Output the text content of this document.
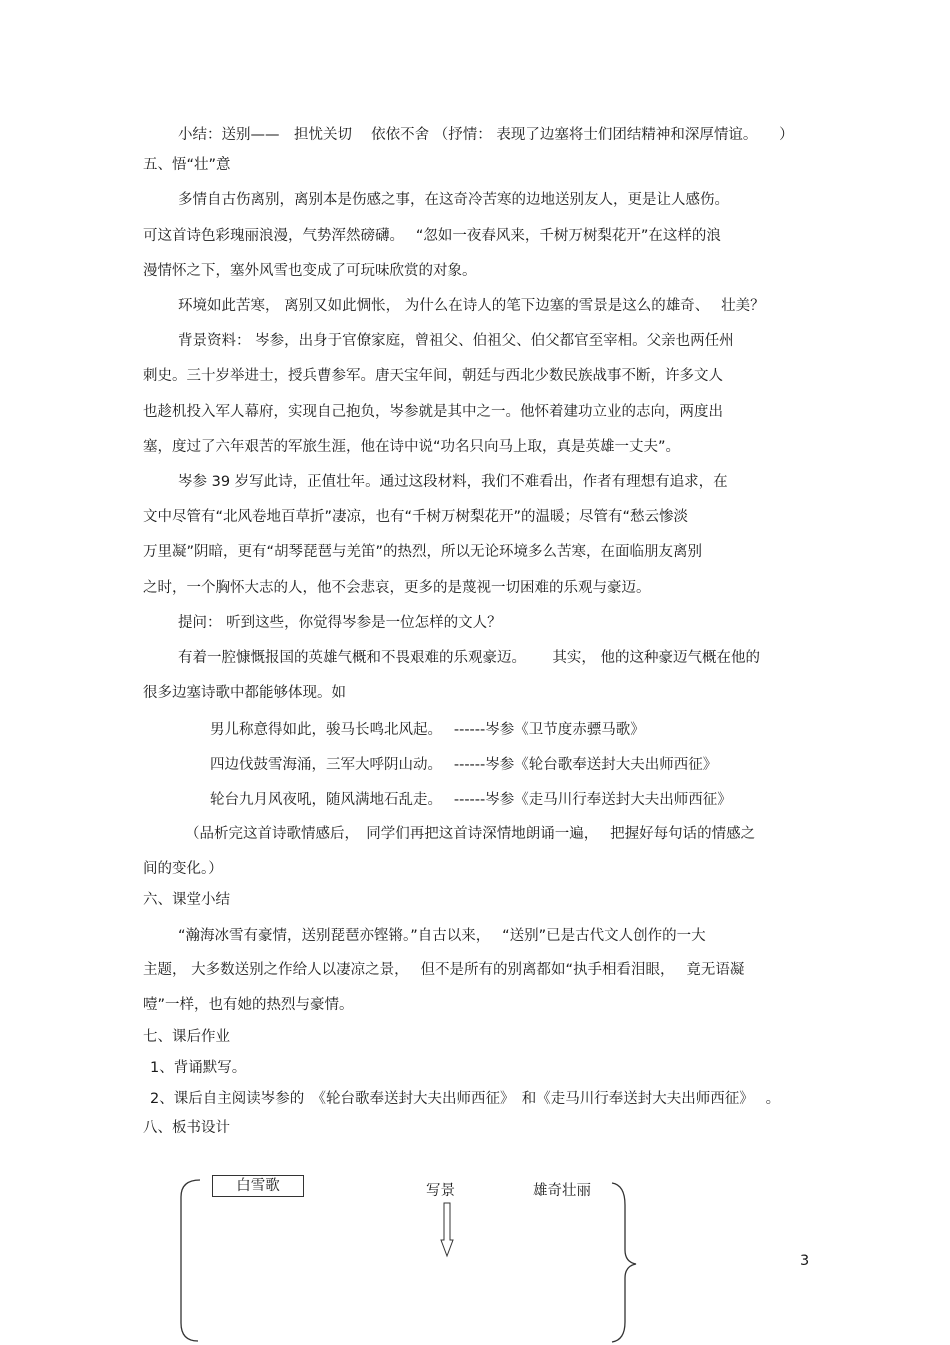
小结：送别——　担忧关切　 依依不舍 （抒情： 表现了边塞将士们团结精神和深厚情谊。　　）
五、悟“壮”意
多情自古伤离别，离别本是伤感之事，在这奇冷苦寒的边地送别友人，更是让人感伤。
可这首诗色彩瑰丽浪漫，气势浑然磅礴。　 “忽如一夜春风来，千树万树梨花开”在这样的浪
漫情怀之下，塞外风雪也变成了可玩味欣赏的对象。
环境如此苦寒， 离别又如此惆怅， 为什么在诗人的笔下边塞的雪景是这么的雄奇、　 壮美？
背景资料： 岑参，出身于官僚家庭，曾祖父、伯祖父、伯父都官至宰相。父亲也两任州
刺史。三十岁举进士，授兵曹参军。唐天宝年间，朝廷与西北少数民族战事不断，许多文人
也趁机投入军人幕府，实现自己抱负，岑参就是其中之一。他怀着建功立业的志向，两度出
塞，度过了六年艰苦的军旅生涯，他在诗中说“功名只向马上取，真是英雄一丈夫”。
岑参 39 岁写此诗，正值壮年。通过这段材料，我们不难看出，作者有理想有追求，在
文中尽管有“北风卷地百草折”凄凉，也有“千树万树梨花开”的温暖；尽管有“愁云惨淡
万里凝”阴暗，更有“胡琴琵琶与羌笛”的热烈，所以无论环境多么苦寒，在面临朋友离别
之时，一个胸怀大志的人，他不会悲哀，更多的是蔑视一切困难的乐观与豪迈。
提问： 听到这些，你觉得岑参是一位怎样的文人？
有着一腔慷慨报国的英雄气概和不畏艰难的乐观豪迈。　　 其实， 他的这种豪迈气概在他的
很多边塞诗歌中都能够体现。如
男儿称意得如此，骏马长鸣北风起。　 ------岑参《卫节度赤骠马歌》
四边伐鼓雪海涌，三军大呼阴山动。　 ------岑参《轮台歌奉送封大夫出师西征》
轮台九月风夜吼，随风满地石乱走。　 ------岑参《走马川行奉送封大夫出师西征》
（品析完这首诗歌情感后，　同学们再把这首诗深情地朗诵一遍，　 把握好每句话的情感之
间的变化。）
六、课堂小结
“瀚海冰雪有豪情，送别琵琶亦铿锵。”自古以来，　 “送别”已是古代文人创作的一大
主题， 大多数送别之作给人以凄凉之景，　 但不是所有的别离都如“执手相看泪眼，　 竟无语凝
噎”一样，也有她的热烈与豪情。
七、课后作业
1、背诵默写。
2、课后自主阅读岑参的　《轮台歌奉送封大夫出师西征》　和《走马川行奉送封大夫出师西征》　 。
八、板书设计
白雪歌	写景	雄奇壮丽
3
